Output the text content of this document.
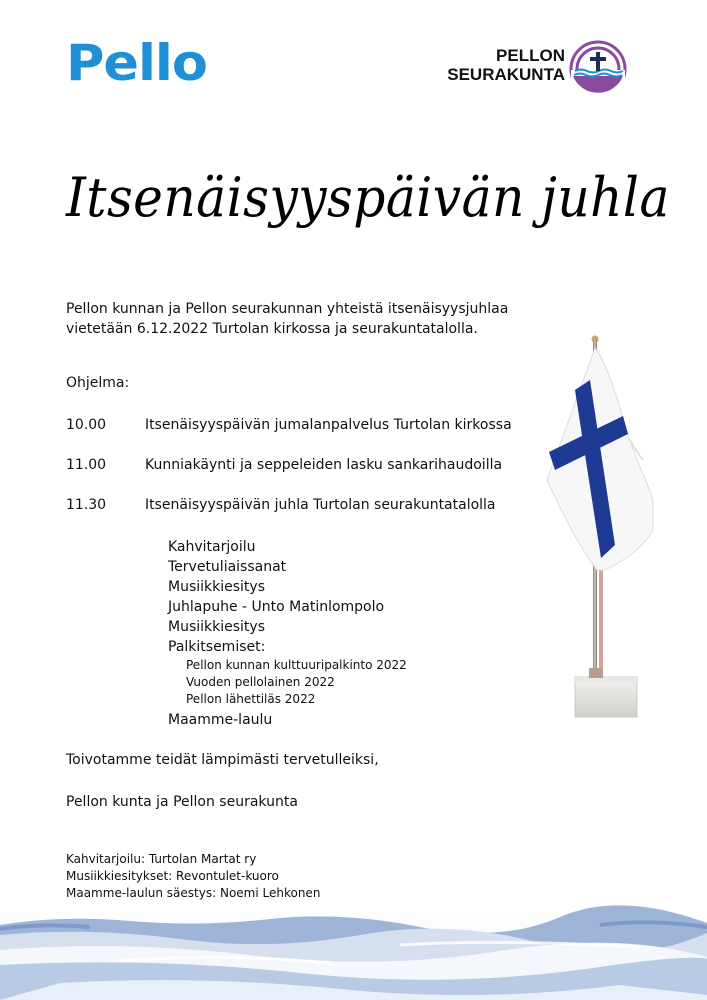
Pello	PELLON
SEURAKUNTA
Itsenäisyyspäivän juhla
Pellon kunnan ja Pellon seurakunnan yhteistä itsenäisyysjuhlaa
vietetään 6.12.2022 Turtolan kirkossa ja seurakuntatalolla.
Ohjelma:
10.00	Itsenäisyyspäivän jumalanpalvelus Turtolan kirkossa
11.00	Kunniakäynti ja seppeleiden lasku sankarihaudoilla
11.30	Itsenäisyyspäivän juhla Turtolan seurakuntatalolla
Kahvitarjoilu
Tervetuliaissanat
Musiikkiesitys
Juhlapuhe - Unto Matinlompolo
Musiikkiesitys
Palkitsemiset:
Pellon kunnan kulttuuripalkinto 2022
Vuoden pellolainen 2022
Pellon lähettiläs 2022
Maamme-laulu
Toivotamme teidät lämpimästi tervetulleiksi,
Pellon kunta ja Pellon seurakunta
Kahvitarjoilu: Turtolan Martat ry
Musiikkiesitykset: Revontulet-kuoro
Maamme-laulun säestys: Noemi Lehkonen
